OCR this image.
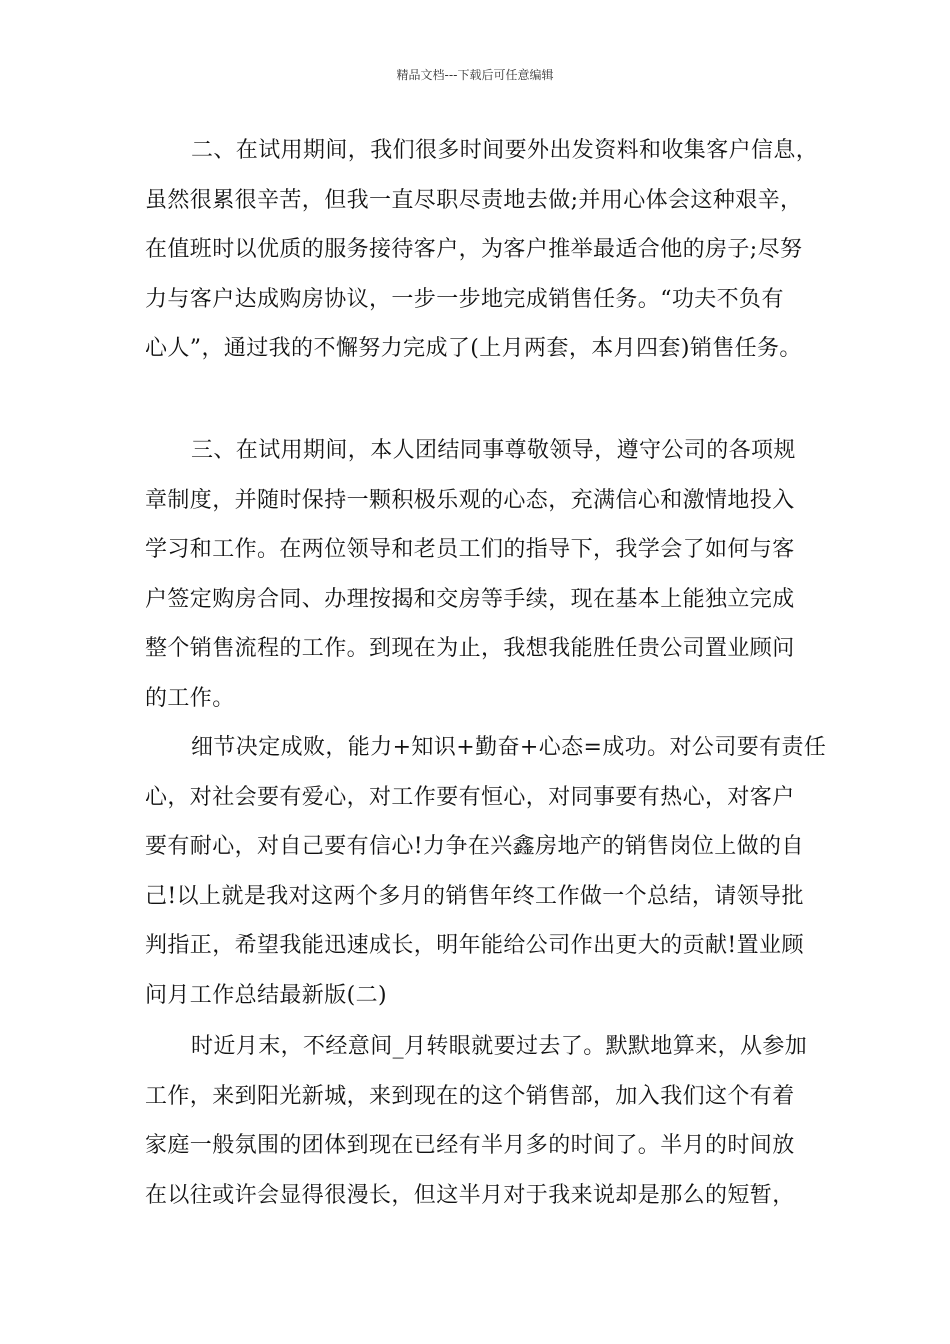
精品文档---下载后可任意编辑
二、在试用期间，我们很多时间要外出发资料和收集客户信息，
虽然很累很辛苦，但我一直尽职尽责地去做;并用心体会这种艰辛，
在值班时以优质的服务接待客户，为客户推举最适合他的房子;尽努
力与客户达成购房协议，一步一步地完成销售任务。“功夫不负有
心人”，通过我的不懈努力完成了(上月两套，本月四套)销售任务。
三、在试用期间，本人团结同事尊敬领导，遵守公司的各项规
章制度，并随时保持一颗积极乐观的心态，充满信心和激情地投入
学习和工作。在两位领导和老员工们的指导下，我学会了如何与客
户签定购房合同、办理按揭和交房等手续，现在基本上能独立完成
整个销售流程的工作。到现在为止，我想我能胜任贵公司置业顾问
的工作。
细节决定成败，能力+知识+勤奋+心态=成功。对公司要有责任
心，对社会要有爱心，对工作要有恒心，对同事要有热心，对客户
要有耐心，对自己要有信心!力争在兴鑫房地产的销售岗位上做的自
己!以上就是我对这两个多月的销售年终工作做一个总结，请领导批
判指正，希望我能迅速成长，明年能给公司作出更大的贡献!置业顾
问月工作总结最新版(二)
时近月末，不经意间_月转眼就要过去了。默默地算来，从参加
工作，来到阳光新城，来到现在的这个销售部，加入我们这个有着
家庭一般氛围的团体到现在已经有半月多的时间了。半月的时间放
在以往或许会显得很漫长，但这半月对于我来说却是那么的短暂，
